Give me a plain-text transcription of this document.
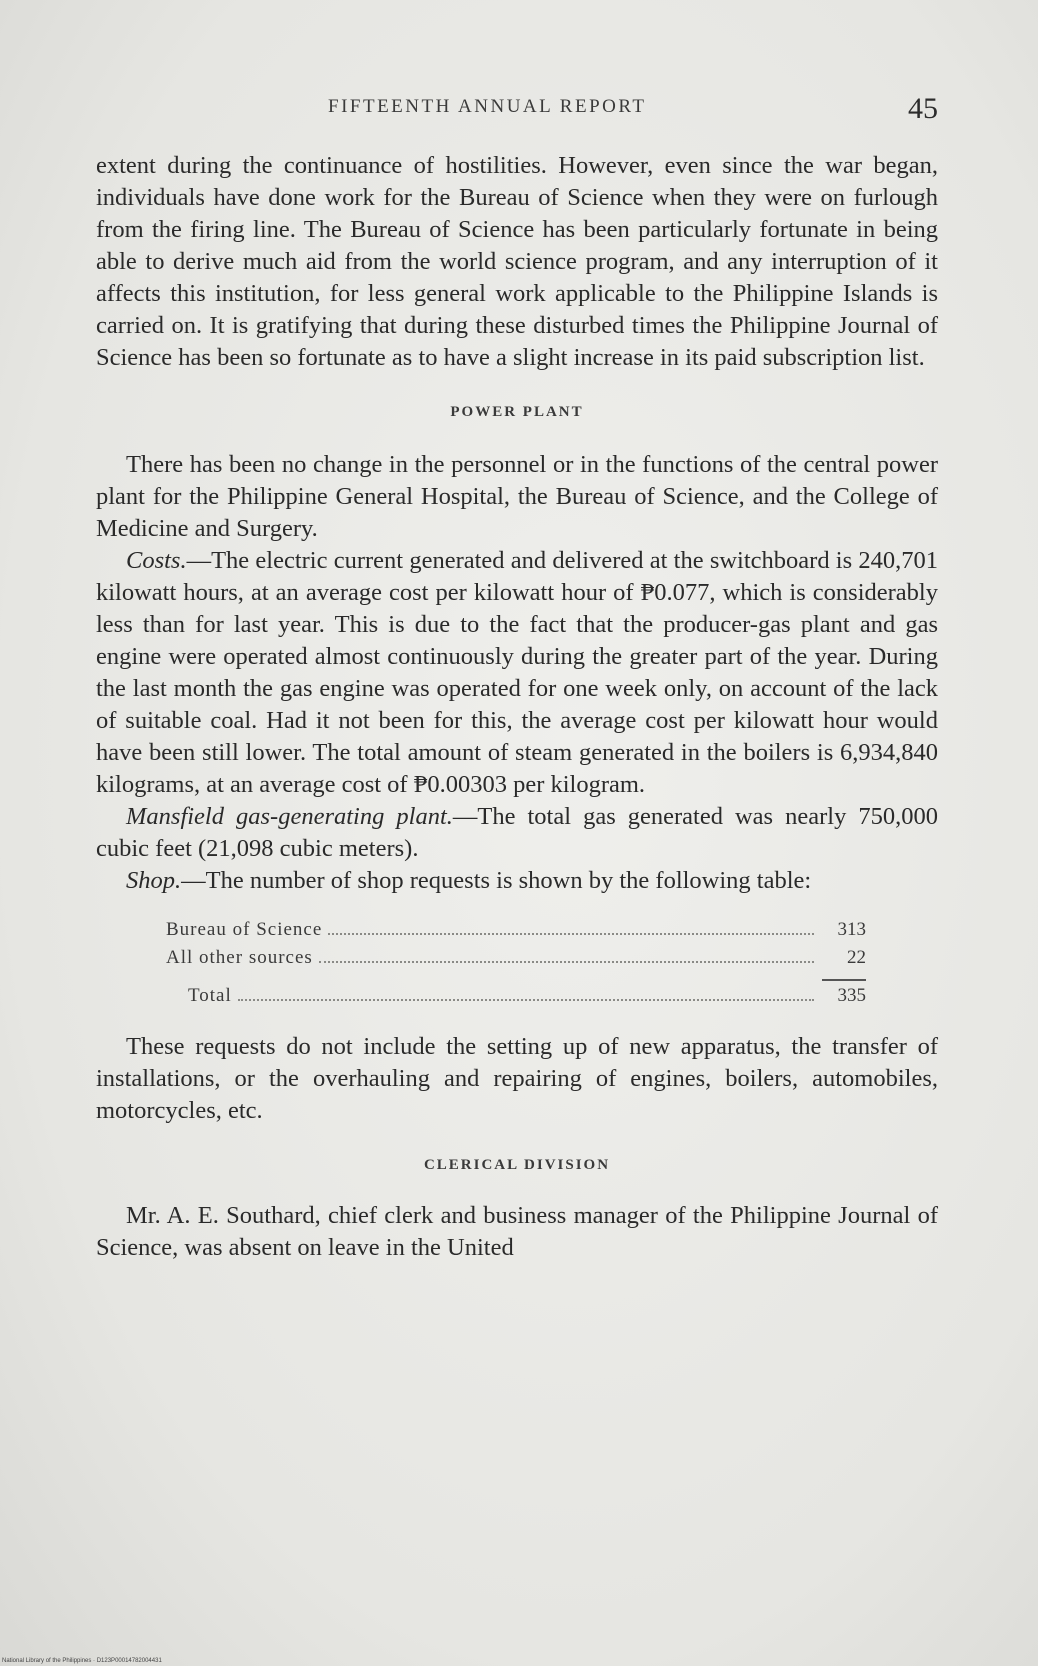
FIFTEENTH ANNUAL REPORT	45

extent during the continuance of hostilities. However, even since the war began, individuals have done work for the Bureau of Science when they were on furlough from the firing line. The Bureau of Science has been particularly fortunate in being able to derive much aid from the world science program, and any interruption of it affects this institution, for less general work applicable to the Philippine Islands is carried on. It is gratifying that during these disturbed times the Philippine Journal of Science has been so fortunate as to have a slight increase in its paid subscription list.

POWER PLANT

There has been no change in the personnel or in the functions of the central power plant for the Philippine General Hospital, the Bureau of Science, and the College of Medicine and Surgery.

Costs.—The electric current generated and delivered at the switchboard is 240,701 kilowatt hours, at an average cost per kilowatt hour of ₱0.077, which is considerably less than for last year. This is due to the fact that the producer-gas plant and gas engine were operated almost continuously during the greater part of the year. During the last month the gas engine was operated for one week only, on account of the lack of suitable coal. Had it not been for this, the average cost per kilowatt hour would have been still lower. The total amount of steam generated in the boilers is 6,934,840 kilograms, at an average cost of ₱0.00303 per kilogram.

Mansfield gas-generating plant.—The total gas generated was nearly 750,000 cubic feet (21,098 cubic meters).

Shop.—The number of shop requests is shown by the following table:

Bureau of Science	313
All other sources	22
Total	335

These requests do not include the setting up of new apparatus, the transfer of installations, or the overhauling and repairing of engines, boilers, automobiles, motorcycles, etc.

CLERICAL DIVISION

Mr. A. E. Southard, chief clerk and business manager of the Philippine Journal of Science, was absent on leave in the United

National Library of the Philippines · D123P00014782004431
